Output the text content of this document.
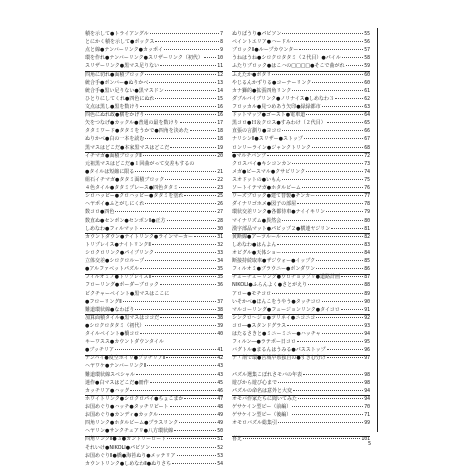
積を示して●トライアングル	7
とにかく積を示して●ボックス	8
点と線●ナンバーリンク●カッポイ	9
環を作れ●ナンバーリンク●スリザーリンク（初代）	10
スリザーリンク●黒マス足りない	11
四角に切れ●面積ブロック	12
統合手●ボンバー●ぬりかべ	13
統合手●黒い足りない●黒マスドン	14
ひとりにしてくれ●四色にぬれ	15
文点は黒し●黒を数けり	16
四色にぬれ政●横をかげり	16
矢をつなげ●カックル●普通の最を数けり	17
タタミワード●タタミをうかで●四角を決めた	18
ぬりかべ●白の一本を読む	18
黒マスはどこだ●本家黒マスはどこだ	19
イチマガ●面積ブロックⅡ	20
元祖黒マスはどこだ●１回曲がって交差もするの
●タイルは短縮に限る	21
組石イチマガ●タタミ面積ブロック	22
４色タイル●タタミプレース●四色タタミ	23
シロハッピー●クロハッピー●タタミを塗れ	25
ヘヤポイ●ふとがしにくれ	26
数コロ●四色	27
数直ぬ●センボン●センボンⅡ●正方	28
しめなわ●フィルマット	30
カウントダウン●ナイトリンク●ラインマーカー	31
トリプレイス●ナイトリンクⅡ	32
シロクロリンク●パイプリンク	33
立体交差●シロクロループ	34
●アルファベットパズル	35
フィルオミノ●トリプレイスⅡ	35
フローリング●ボーダーブロック	36
ピクチャーペイント●黒マスはここに
●フローリングⅡ	37
難道環状線●なわばり	38
加算面積タイル●黒マスはココだ	38
●シロクロタタミ（初代）	39
タイルペイント●橋コロ	40
キーワスス●カウントダウンタイル
●ブッチリア	41
ナンバイ●度空ホイリ●ブッチリアⅡ	42
ヘヤワケ●ナンバーリンクⅡ	43
難道環状線スペシャル	43
迷作●白マスはどこだ●冊作	45
カッチリア●ハッグ	46
ホワイトリンク●シロクロパイ●ちょこまか	47
お国めぐり●ハッチ●タッチリピート	48
お国めぐり●カンディ●カックル	49
四角リンク●ホタルビーム●プラスリンク	49
ヘヤリン●サンクチュアリ●八方環状線	50
四角リンクⅡ●３●カントリーロード	51
それいけ●NIKOLI●パピソン	52
お国めぐりⅡ●橋●海苔ぬり●メッテリア	53
カウントリンク●しめなわⅡ●ぬりさち	54
ぬりばうり●パピソン	55
ペイントエリア●ハードル	56
ブロックⅡ●ループカウンター	57
うねはうね●シロクロタタミ（２代目）●パイル	58
ふたりブロック●はこハの□□□□●そこで曲がれ	59
ふえたか●ボタリ	60
やじるんかずりる●コーナーリンク	60
カナ獅的●拡張四角リンク	61
ダブルバイブリンク●ノリナイス●しめなわ３	62
フロッカル●見つめあう矢印●緑緑都市	63
ドットマップ●ゴースト●電車道	64
黒コロ●Ｈ＆クロス●すみわけ（２代目）	65
直張の言劃り●ヨコロ	66
ナリシンⅡ●スリザー●ストップ	67
ロンリーライン●ジャンクトリンク	68
●マルチバンプ	72
クロスバイ●キシコンカン	73
メガ●ピースマル●クサビリンク	74
スオドットの●いもん	75
ソートイテマガ●ホタルビーム	76
ワーズブロック●建て替製●チンカー	77
ダイナリゴホメ●図子の部屋	78
環状交差リンク●各都待車●ナイイキリン	79
マイナリズム●異然会	80
漢字部品マット●パピップ２●横連ヤジリン	81
黄断線●アーツルール	82
しめなわ●はんよん	83
オビグル●天体ショー	84
断接持続取車●ザジウォー●イップク	85
フィルオミ●ブラウニー●ボンダワン	86
チューチューリング●ウロチョップリ●道路計画	87
NIKOLI●ふらんよく●さとがえり	88
アロー●モチコロ	89
いそかべ●ほんこをうやう●タッチコロ	90
マルコーリング●フュージョンリンク●タイコロ	91
シンクロ〜ジョ●ツリネイ●ニコニコ	92
コロ―●スタンドグラス	93
はたるさきと●ミニーミニー●ハッチャ	94
フィルン―●ラテボー日コロ	95
バグトル●まるんはうみる●パスストップ	96
ナ・剤で環●宮城早県独自の●すきむ分け	97
パズル選集こぼれさモバの年表	98
遊びから遊び心まで	98
パズルの命名は意外と大変	94
オモバ作家たちに聞いてみた	94
ゲサケイン型ビー（前編）	70
ゲサケイン型ビー（後編）	71
オモロバズル総集引	99
喜え	101
5
